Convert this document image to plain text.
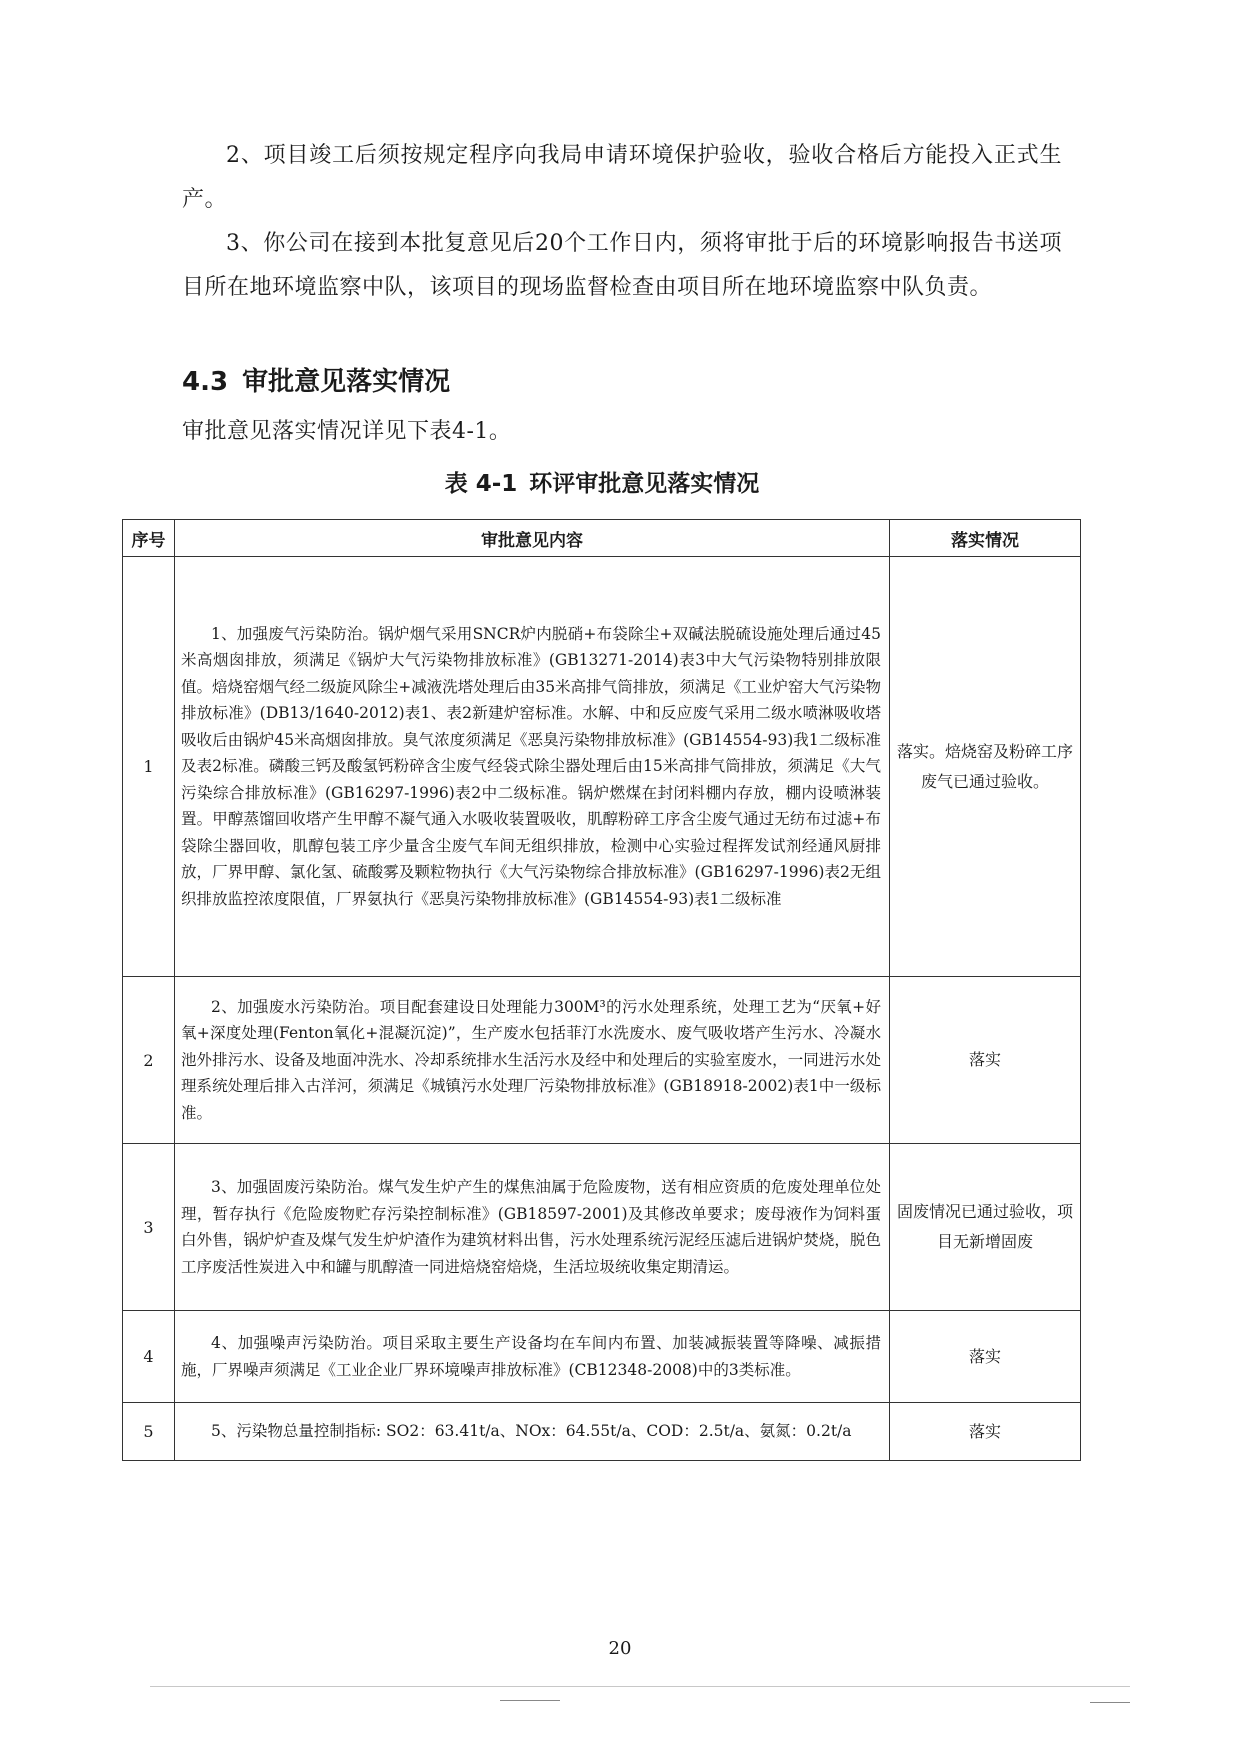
2、项目竣工后须按规定程序向我局申请环境保护验收，验收合格后方能投入正式生产。

3、你公司在接到本批复意见后20个工作日内，须将审批于后的环境影响报告书送项目所在地环境监察中队，该项目的现场监督检查由项目所在地环境监察中队负责。

4.3 审批意见落实情况

审批意见落实情况详见下表4-1。

表 4-1 环评审批意见落实情况

序号	审批意见内容	落实情况
1	1、加强废气污染防治。锅炉烟气采用SNCR炉内脱硝+布袋除尘+双碱法脱硫设施处理后通过45米高烟囱排放，须满足《锅炉大气污染物排放标准》(GB13271-2014)表3中大气污染物特别排放限值。焙烧窑烟气经二级旋风除尘+减液洗塔处理后由35米高排气筒排放，须满足《工业炉窑大气污染物排放标准》(DB13/1640-2012)表1、表2新建炉窑标准。水解、中和反应废气采用二级水喷淋吸收塔吸收后由锅炉45米高烟囱排放。臭气浓度须满足《恶臭污染物排放标准》(GB14554-93)我1二级标准及表2标准。磷酸三钙及酸氢钙粉碎含尘废气经袋式除尘器处理后由15米高排气筒排放，须满足《大气污染综合排放标准》(GB16297-1996)表2中二级标准。锅炉燃煤在封闭料棚内存放，棚内设喷淋装置。甲醇蒸馏回收塔产生甲醇不凝气通入水吸收装置吸收，肌醇粉碎工序含尘废气通过无纺布过滤+布袋除尘器回收，肌醇包装工序少量含尘废气车间无组织排放，检测中心实验过程挥发试剂经通风厨排放，厂界甲醇、氯化氢、硫酸雾及颗粒物执行《大气污染物综合排放标准》(GB16297-1996)表2无组织排放监控浓度限值，厂界氨执行《恶臭污染物排放标准》(GB14554-93)表1二级标准	落实。焙烧窑及粉碎工序废气已通过验收。
2	2、加强废水污染防治。项目配套建设日处理能力300M³的污水处理系统，处理工艺为“厌氧+好氧+深度处理(Fenton氧化+混凝沉淀)”，生产废水包括菲汀水洗废水、废气吸收塔产生污水、冷凝水池外排污水、设备及地面冲洗水、冷却系统排水生活污水及经中和处理后的实验室废水，一同进污水处理系统处理后排入古洋河，须满足《城镇污水处理厂污染物排放标准》(GB18918-2002)表1中一级标准。	落实
3	3、加强固废污染防治。煤气发生炉产生的煤焦油属于危险废物，送有相应资质的危废处理单位处理，暂存执行《危险废物贮存污染控制标准》(GB18597-2001)及其修改单要求；废母液作为饲料蛋白外售，锅炉炉查及煤气发生炉炉渣作为建筑材料出售，污水处理系统污泥经压滤后进锅炉焚烧，脱色工序废活性炭进入中和罐与肌醇渣一同进焙烧窑焙烧，生活垃圾统收集定期清运。	固废情况已通过验收，项目无新增固废
4	4、加强噪声污染防治。项目采取主要生产设备均在车间内布置、加装减振装置等降噪、减振措施，厂界噪声须满足《工业企业厂界环境噪声排放标准》(CB12348-2008)中的3类标准。	落实
5	5、污染物总量控制指标: SO2：63.41t/a、NOx：64.55t/a、COD：2.5t/a、氨氮：0.2t/a	落实

20
